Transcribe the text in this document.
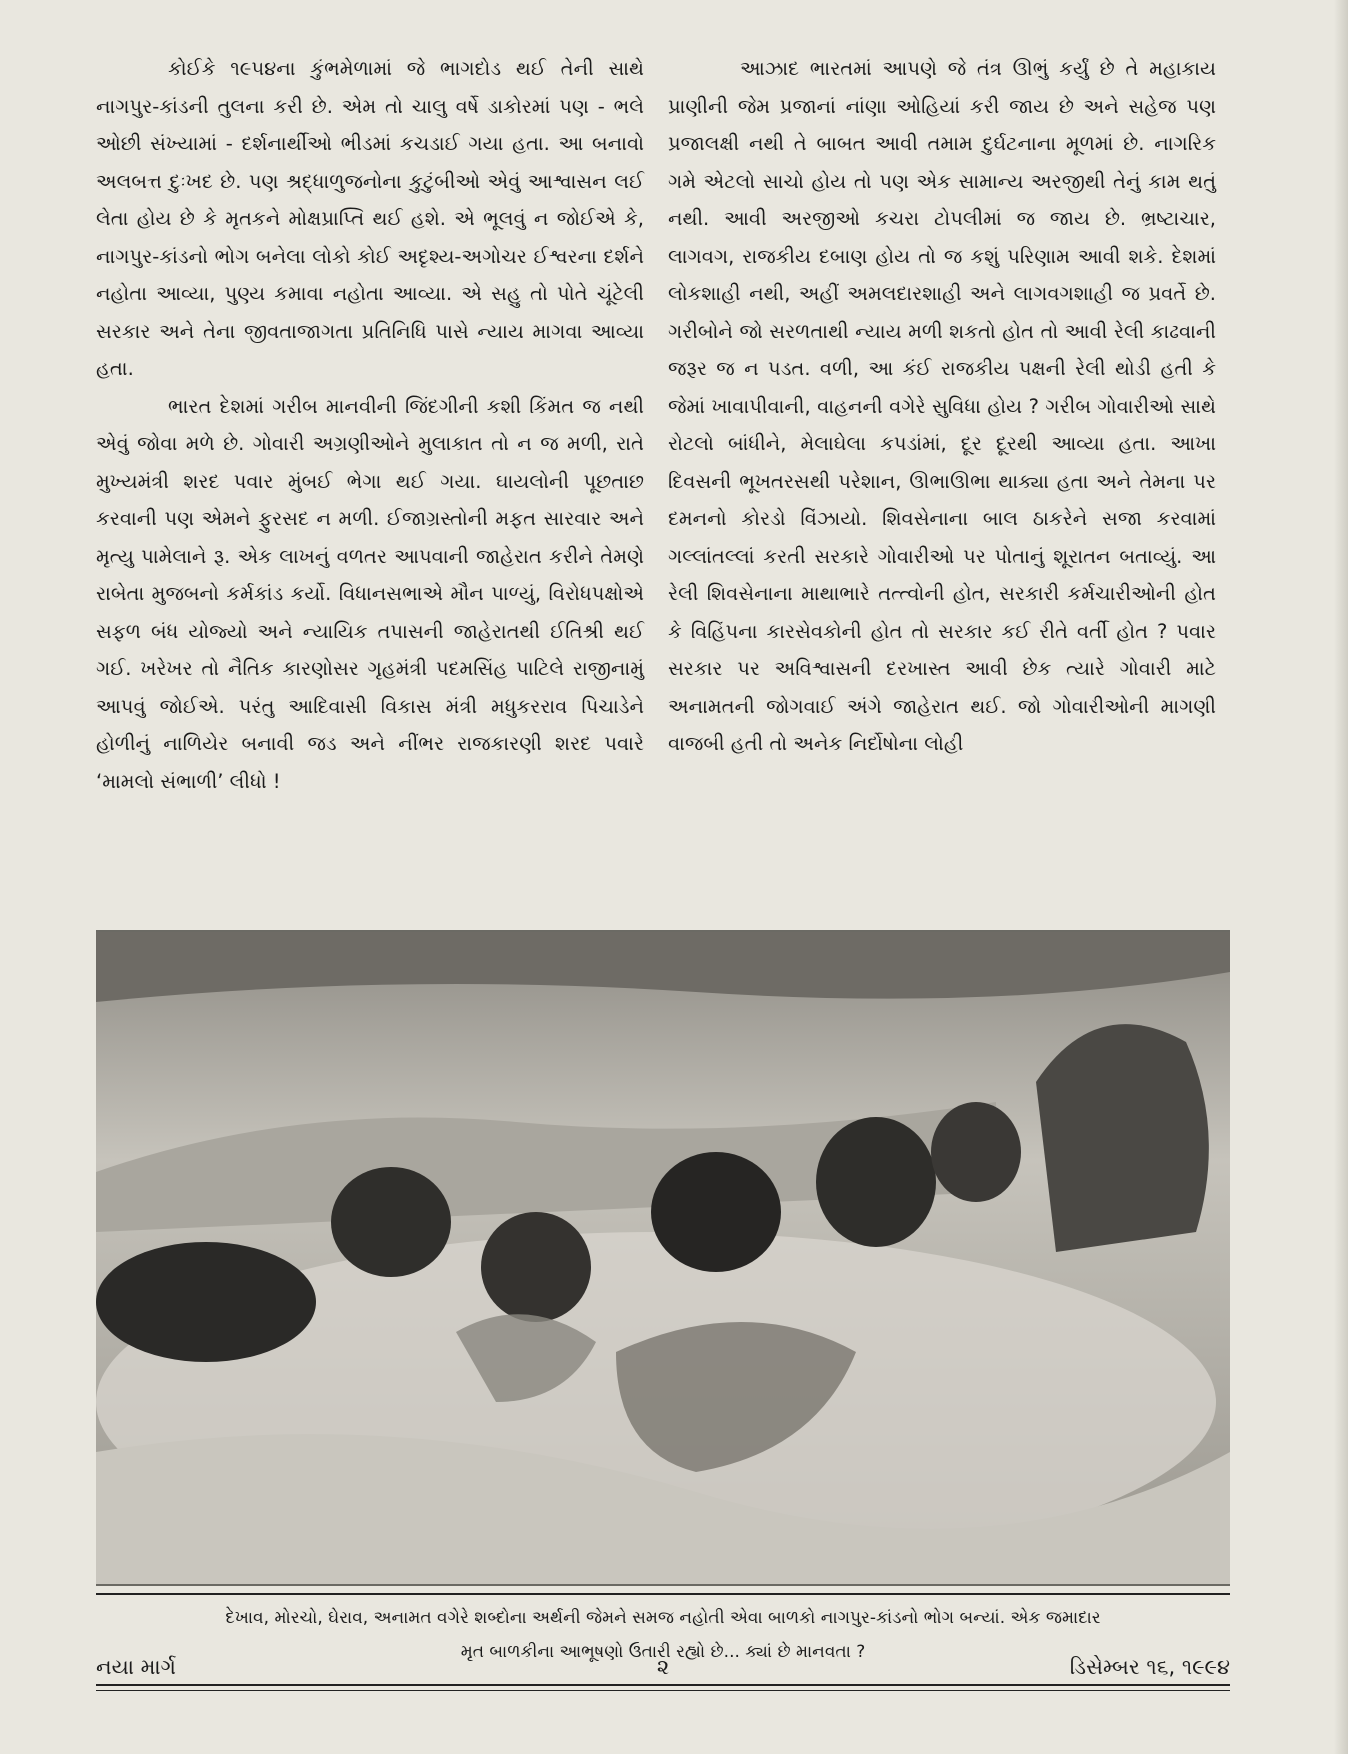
કોઈકે ૧૯૫૪ના કુંભમેળામાં જે ભાગદોડ થઈ તેની સાથે નાગપુર-કાંડની તુલના કરી છે. એમ તો ચાલુ વર્ષે ડાકોરમાં પણ - ભલે ઓછી સંખ્યામાં - દર્શનાર્થીઓ ભીડમાં કચડાઈ ગયા હતા. આ બનાવો અલબત્ત દુઃખદ છે. પણ શ્રદ્ધાળુજનોના કુટુંબીઓ એવું આશ્વાસન લઈ લેતા હોય છે કે મૃતકને મોક્ષપ્રાપ્તિ થઈ હશે. એ ભૂલવું ન જોઈએ કે, નાગપુર-કાંડનો ભોગ બનેલા લોકો કોઈ અદૃશ્ય-અગોચર ઈશ્વરના દર્શને નહોતા આવ્યા, પુણ્ય કમાવા નહોતા આવ્યા. એ સહુ તો પોતે ચૂંટેલી સરકાર અને તેના જીવતાજાગતા પ્રતિનિધિ પાસે ન્યાય માગવા આવ્યા હતા.

ભારત દેશમાં ગરીબ માનવીની જિંદગીની કશી કિંમત જ નથી એવું જોવા મળે છે. ગોવારી અગ્રણીઓને મુલાકાત તો ન જ મળી, રાતે મુખ્યમંત્રી શરદ પવાર મુંબઈ ભેગા થઈ ગયા. ઘાયલોની પૂછતાછ કરવાની પણ એમને ફુરસદ ન મળી. ઈજાગ્રસ્તોની મફત સારવાર અને મૃત્યુ પામેલાને રૂ. એક લાખનું વળતર આપવાની જાહેરાત કરીને તેમણે રાબેતા મુજબનો કર્મકાંડ કર્યો. વિધાનસભાએ મૌન પાળ્યું, વિરોધપક્ષોએ સફળ બંધ યોજ્યો અને ન્યાયિક તપાસની જાહેરાતથી ઈતિશ્રી થઈ ગઈ. ખરેખર તો નૈતિક કારણોસર ગૃહમંત્રી પદમસિંહ પાટિલે રાજીનામું આપવું જોઈએ. પરંતુ આદિવાસી વિકાસ મંત્રી મધુકરરાવ પિચાડેને હોળીનું નાળિયેર બનાવી જડ અને નીંભર રાજકારણી શરદ પવારે ‘મામલો સંભાળી’ લીધો !

આઝાદ ભારતમાં આપણે જે તંત્ર ઊભું કર્યું છે તે મહાકાય પ્રાણીની જેમ પ્રજાનાં નાંણા ઓહિયાં કરી જાય છે અને સહેજ પણ પ્રજાલક્ષી નથી તે બાબત આવી તમામ દુર્ઘટનાના મૂળમાં છે. નાગરિક ગમે એટલો સાચો હોય તો પણ એક સામાન્ય અરજીથી તેનું કામ થતું નથી. આવી અરજીઓ કચરા ટોપલીમાં જ જાય છે. ભ્રષ્ટાચાર, લાગવગ, રાજકીય દબાણ હોય તો જ કશું પરિણામ આવી શકે. દેશમાં લોકશાહી નથી, અહીં અમલદારશાહી અને લાગવગશાહી જ પ્રવર્તે છે. ગરીબોને જો સરળતાથી ન્યાય મળી શકતો હોત તો આવી રેલી કાઢવાની જરૂર જ ન પડત. વળી, આ કંઈ રાજકીય પક્ષની રેલી થોડી હતી કે જેમાં ખાવાપીવાની, વાહનની વગેરે સુવિધા હોય ? ગરીબ ગોવારીઓ સાથે રોટલો બાંધીને, મેલાઘેલા કપડાંમાં, દૂર દૂરથી આવ્યા હતા. આખા દિવસની ભૂખતરસથી પરેશાન, ઊભાઊભા થાક્યા હતા અને તેમના પર દમનનો કોરડો વિંઝાયો. શિવસેનાના બાલ ઠાકરેને સજા કરવામાં ગલ્લાંતલ્લાં કરતી સરકારે ગોવારીઓ પર પોતાનું શૂરાતન બતાવ્યું. આ રેલી શિવસેનાના માથાભારે તત્ત્વોની હોત, સરકારી કર્મચારીઓની હોત કે વિહિંપના કારસેવકોની હોત તો સરકાર કઈ રીતે વર્તી હોત ? પવાર સરકાર પર અવિશ્વાસની દરખાસ્ત આવી છેક ત્યારે ગોવારી માટે અનામતની જોગવાઈ અંગે જાહેરાત થઈ. જો ગોવારીઓની માગણી વાજબી હતી તો અનેક નિર્દોષોના લોહી

દેખાવ, મોરચો, ઘેરાવ, અનામત વગેરે શબ્દોના અર્થની જેમને સમજ નહોતી એવા બાળકો નાગપુર-કાંડનો ભોગ બન્યાં. એક જમાદાર
મૃત બાળકીના આભૂષણો ઉતારી રહ્યો છે... ક્યાં છે માનવતા ?
નયા માર્ગ	૨	ડિસેમ્બર ૧૬, ૧૯૯૪
